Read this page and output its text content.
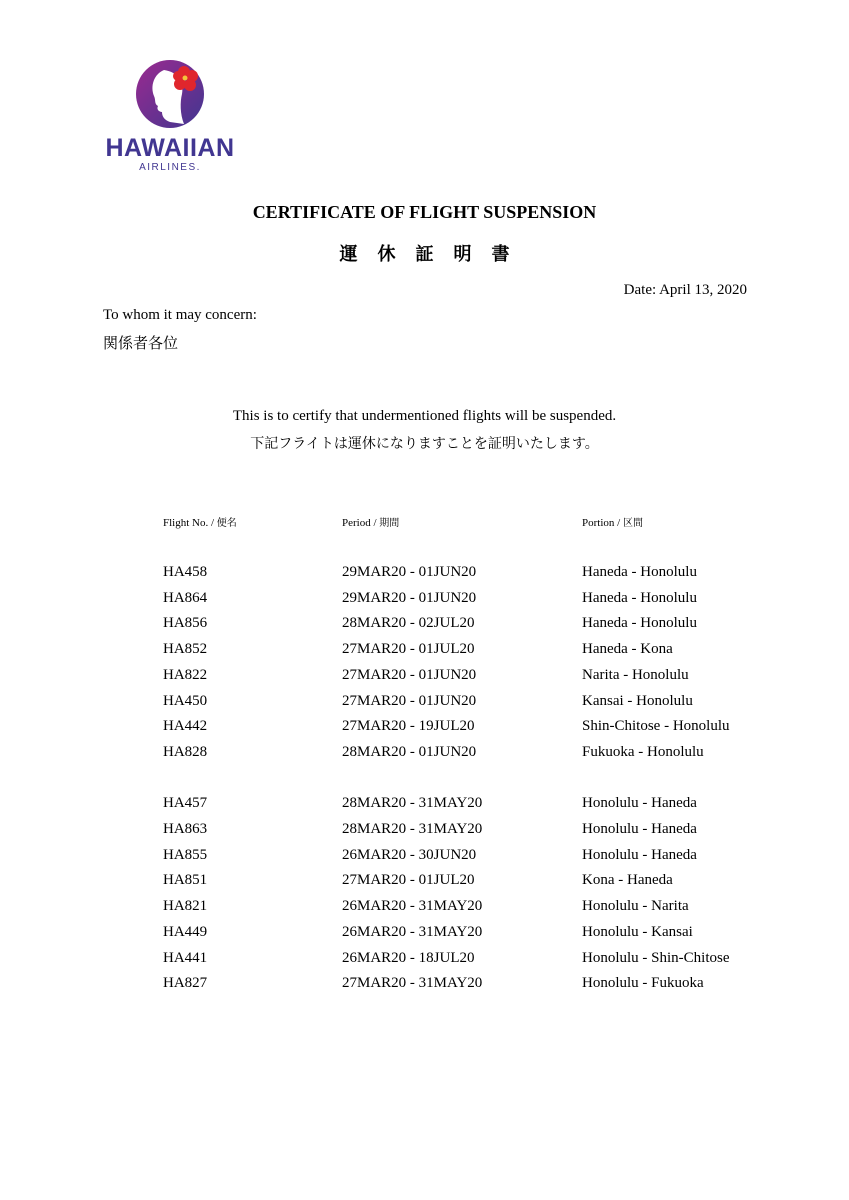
HAWAIIAN
AIRLINES.
CERTIFICATE OF FLIGHT SUSPENSION
運休証明書
Date: April 13, 2020
To whom it may concern:
関係者各位
This is to certify that undermentioned flights will be suspended.
下記フライトは運休になりますことを証明いたします。
Flight No. / 便名	Period / 期間	Portion / 区間
HA458	29MAR20 - 01JUN20	Haneda - Honolulu
HA864	29MAR20 - 01JUN20	Haneda - Honolulu
HA856	28MAR20 - 02JUL20	Haneda - Honolulu
HA852	27MAR20 - 01JUL20	Haneda - Kona
HA822	27MAR20 - 01JUN20	Narita - Honolulu
HA450	27MAR20 - 01JUN20	Kansai - Honolulu
HA442	27MAR20 - 19JUL20	Shin-Chitose - Honolulu
HA828	28MAR20 - 01JUN20	Fukuoka - Honolulu
HA457	28MAR20 - 31MAY20	Honolulu - Haneda
HA863	28MAR20 - 31MAY20	Honolulu - Haneda
HA855	26MAR20 - 30JUN20	Honolulu - Haneda
HA851	27MAR20 - 01JUL20	Kona - Haneda
HA821	26MAR20 - 31MAY20	Honolulu - Narita
HA449	26MAR20 - 31MAY20	Honolulu - Kansai
HA441	26MAR20 - 18JUL20	Honolulu - Shin-Chitose
HA827	27MAR20 - 31MAY20	Honolulu - Fukuoka
